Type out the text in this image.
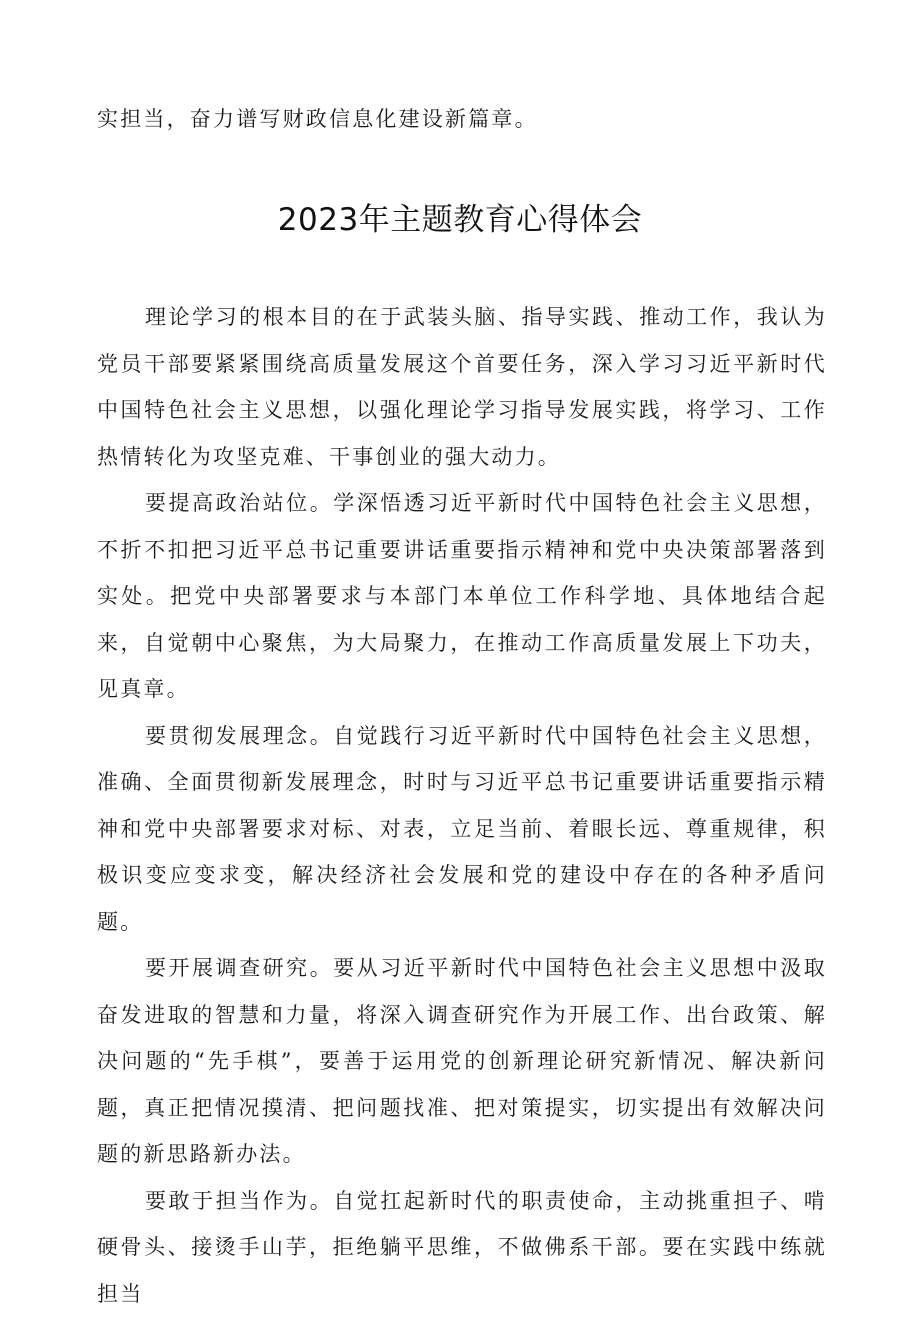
实担当，奋力谱写财政信息化建设新篇章。
2023年主题教育心得体会

理论学习的根本目的在于武装头脑、指导实践、推动工作，我认为党员干部要紧紧围绕高质量发展这个首要任务，深入学习习近平新时代中国特色社会主义思想，以强化理论学习指导发展实践，将学习、工作热情转化为攻坚克难、干事创业的强大动力。

要提高政治站位。学深悟透习近平新时代中国特色社会主义思想，不折不扣把习近平总书记重要讲话重要指示精神和党中央决策部署落到实处。把党中央部署要求与本部门本单位工作科学地、具体地结合起来，自觉朝中心聚焦，为大局聚力，在推动工作高质量发展上下功夫，见真章。

要贯彻发展理念。自觉践行习近平新时代中国特色社会主义思想，准确、全面贯彻新发展理念，时时与习近平总书记重要讲话重要指示精神和党中央部署要求对标、对表，立足当前、着眼长远、尊重规律，积极识变应变求变，解决经济社会发展和党的建设中存在的各种矛盾问题。

要开展调查研究。要从习近平新时代中国特色社会主义思想中汲取奋发进取的智慧和力量，将深入调查研究作为开展工作、出台政策、解决问题的“先手棋”，要善于运用党的创新理论研究新情况、解决新问题，真正把情况摸清、把问题找准、把对策提实，切实提出有效解决问题的新思路新办法。

要敢于担当作为。自觉扛起新时代的职责使命，主动挑重担子、啃硬骨头、接烫手山芋，拒绝躺平思维，不做佛系干部。要在实践中练就担当
